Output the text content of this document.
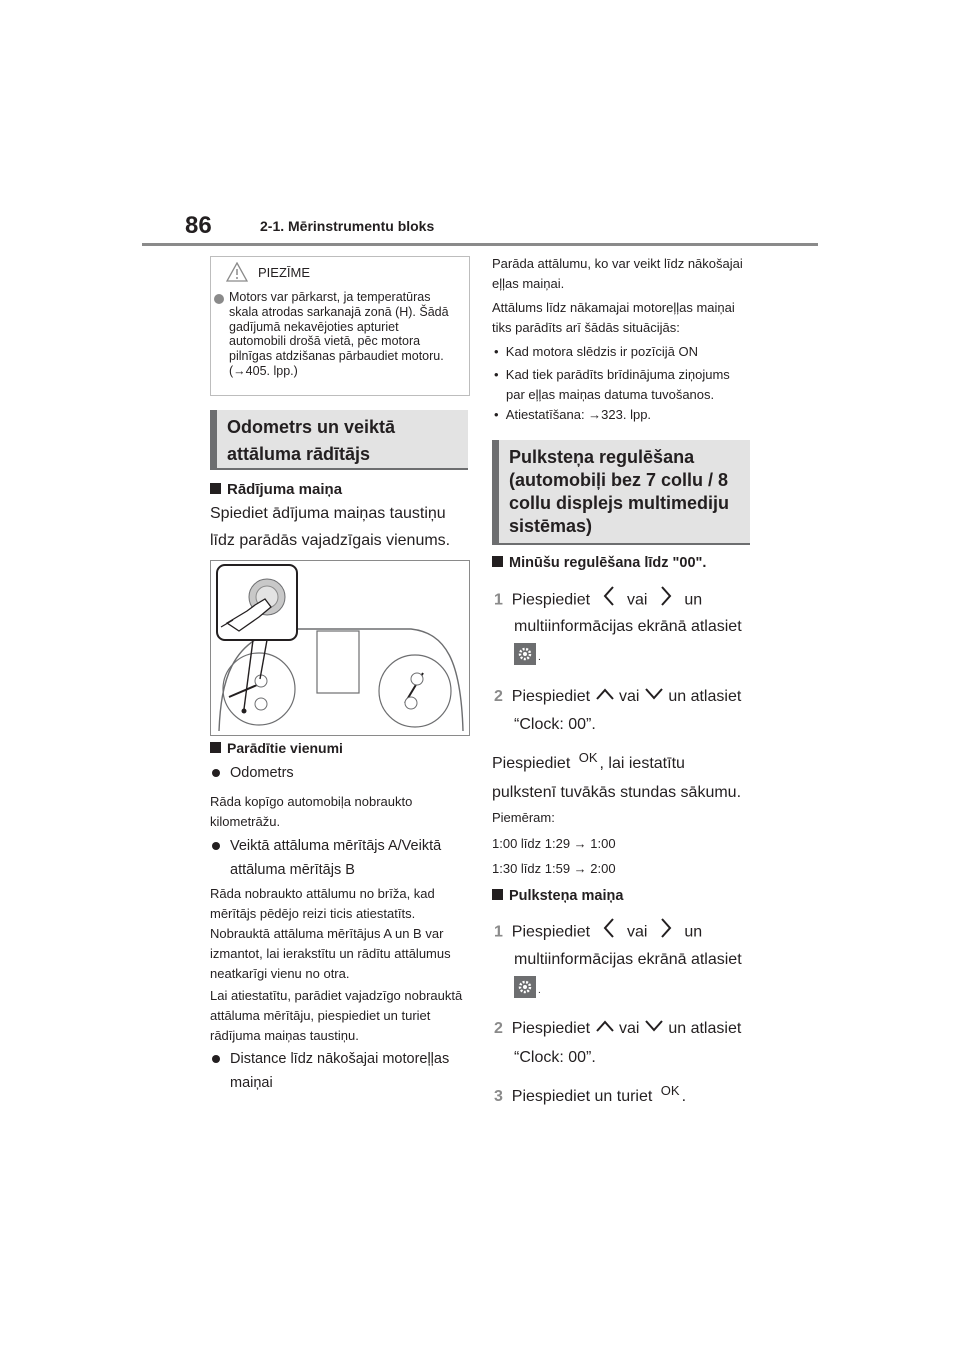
86	2-1. Mērinstrumentu bloks
PIEZĪME
Motors var pārkarst, ja temperatūras
skala atrodas sarkanajā zonā (H). Šādā
gadījumā nekavējoties apturiet
automobili drošā vietā, pēc motora
pilnīgas atdzišanas pārbaudiet motoru.
(→405. lpp.)
Odometrs un veiktā
attāluma rādītājs
Rādījuma maiņa
Spiediet ādījuma maiņas taustiņu
līdz parādās vajadzīgais vienums.
Parādītie vienumi
Odometrs
Rāda kopīgo automobiļa nobraukto
kilometrāžu.
Veiktā attāluma mērītājs A/Veiktā
attāluma mērītājs B
Rāda nobraukto attālumu no brīža, kad
mērītājs pēdējo reizi ticis atiestatīts.
Nobrauktā attāluma mērītājus A un B var
izmantot, lai ierakstītu un rādītu attālumus
neatkarīgi vienu no otra.
Lai atiestatītu, parādiet vajadzīgo nobrauktā
attāluma mērītāju, piespiediet un turiet
rādījuma maiņas taustiņu.
Distance līdz nākošajai motoreļļas
maiņai
Parāda attālumu, ko var veikt līdz nākošajai
eļļas maiņai.
Attālums līdz nākamajai motoreļļas maiņai
tiks parādīts arī šādās situācijās:
•  Kad motora slēdzis ir pozīcijā ON
•  Kad tiek parādīts brīdinājuma ziņojums
par eļļas maiņas datuma tuvošanos.
•  Atiestatīšana: →323. lpp.
Pulksteņa regulēšana
(automobiļi bez 7 collu / 8
collu displejs multimediju
sistēmas)
Minūšu regulēšana līdz "00".
1 Piespiediet vai un
multiinformācijas ekrānā atlasiet
.
2 Piespiediet vai un atlasiet
“Clock: 00”.
Piespiediet OK , lai iestatītu
pulkstenī tuvākās stundas sākumu.
Piemēram:
1:00 līdz 1:29 → 1:00
1:30 līdz 1:59 → 2:00
Pulksteņa maiņa
1 Piespiediet vai un
multiinformācijas ekrānā atlasiet
.
2 Piespiediet vai un atlasiet
“Clock: 00”.
3 Piespiediet un turiet OK .
